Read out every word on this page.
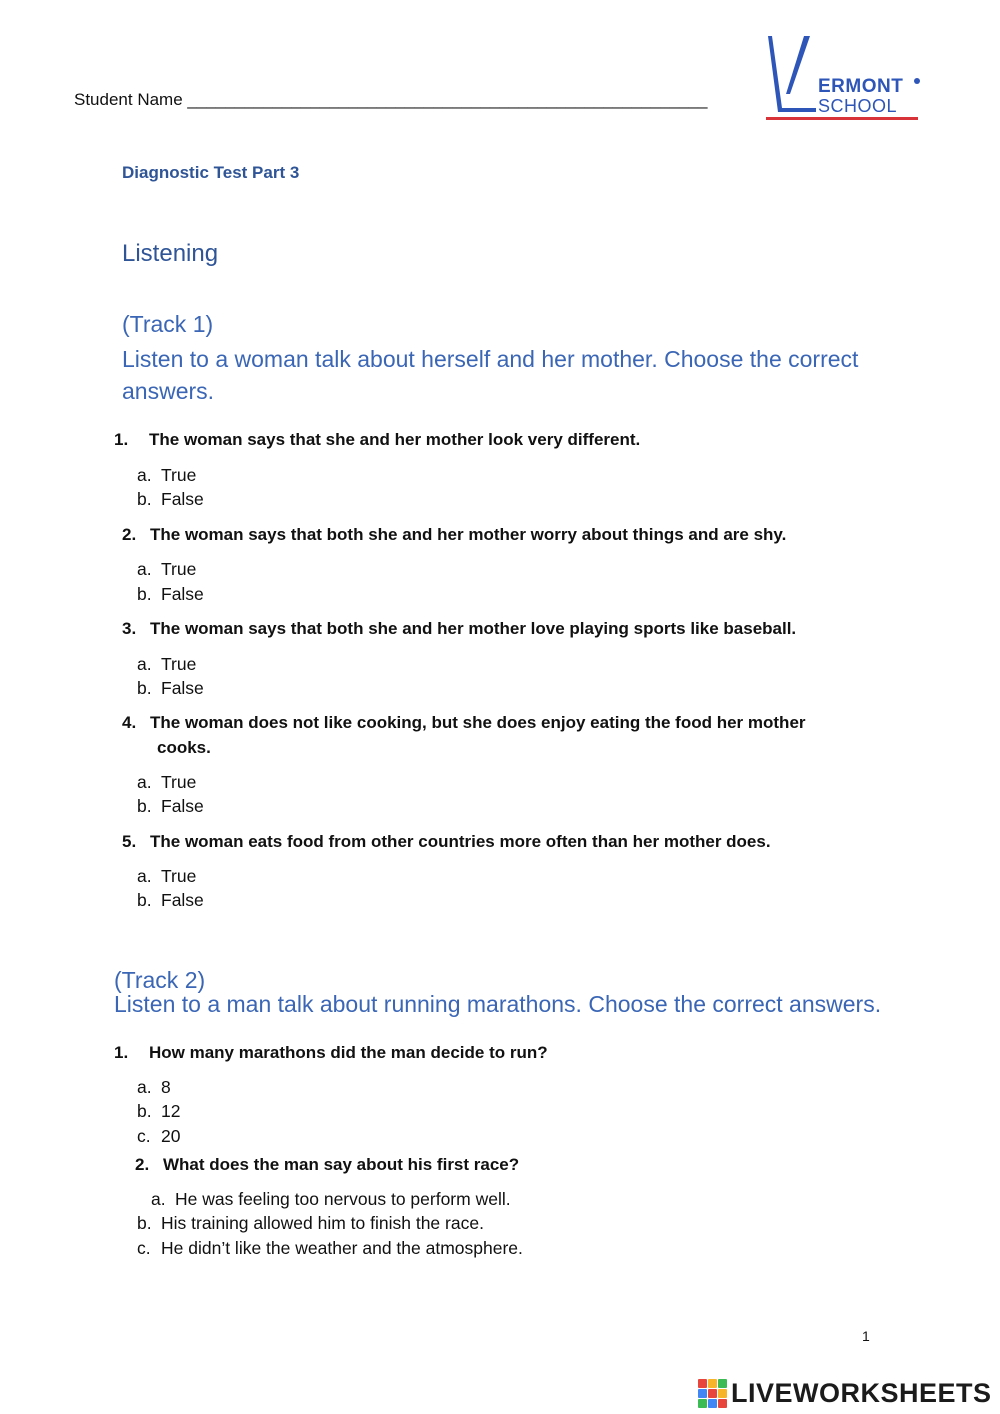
Student Name _______________________________________________________
ERMONT
SCHOOL
Diagnostic Test Part 3
Listening
(Track 1)
Listen to a woman talk about herself and her mother. Choose the correct
answers.
1. The woman says that she and her mother look very different.
a. True
b. False
2. The woman says that both she and her mother worry about things and are shy.
a. True
b. False
3. The woman says that both she and her mother love playing sports like baseball.
a. True
b. False
4. The woman does not like cooking, but she does enjoy eating the food her mother
cooks.
a. True
b. False
5. The woman eats food from other countries more often than her mother does.
a. True
b. False
(Track 2)
Listen to a man talk about running marathons. Choose the correct answers.
1. How many marathons did the man decide to run?
a. 8
b. 12
c. 20
2. What does the man say about his first race?
a. He was feeling too nervous to perform well.
b. His training allowed him to finish the race.
c. He didn’t like the weather and the atmosphere.
1
LIVEWORKSHEETS
